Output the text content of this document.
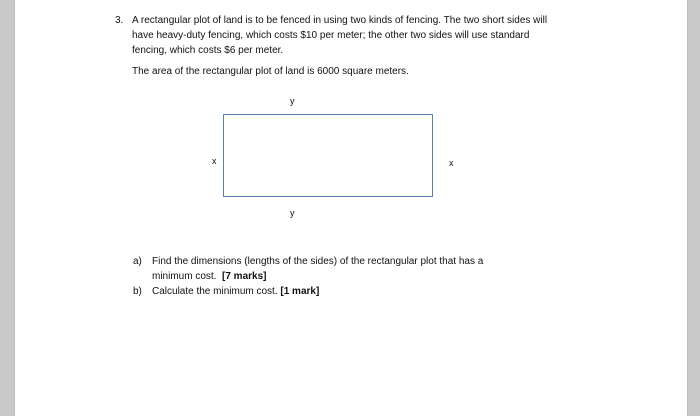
3. A rectangular plot of land is to be fenced in using two kinds of fencing. The two short sides will
have heavy-duty fencing, which costs $10 per meter; the other two sides will use standard
fencing, which costs $6 per meter.
The area of the rectangular plot of land is 6000 square meters.
y
x	x
y
a) Find the dimensions (lengths of the sides) of the rectangular plot that has a
minimum cost. [7 marks]
b) Calculate the minimum cost. [1 mark]
